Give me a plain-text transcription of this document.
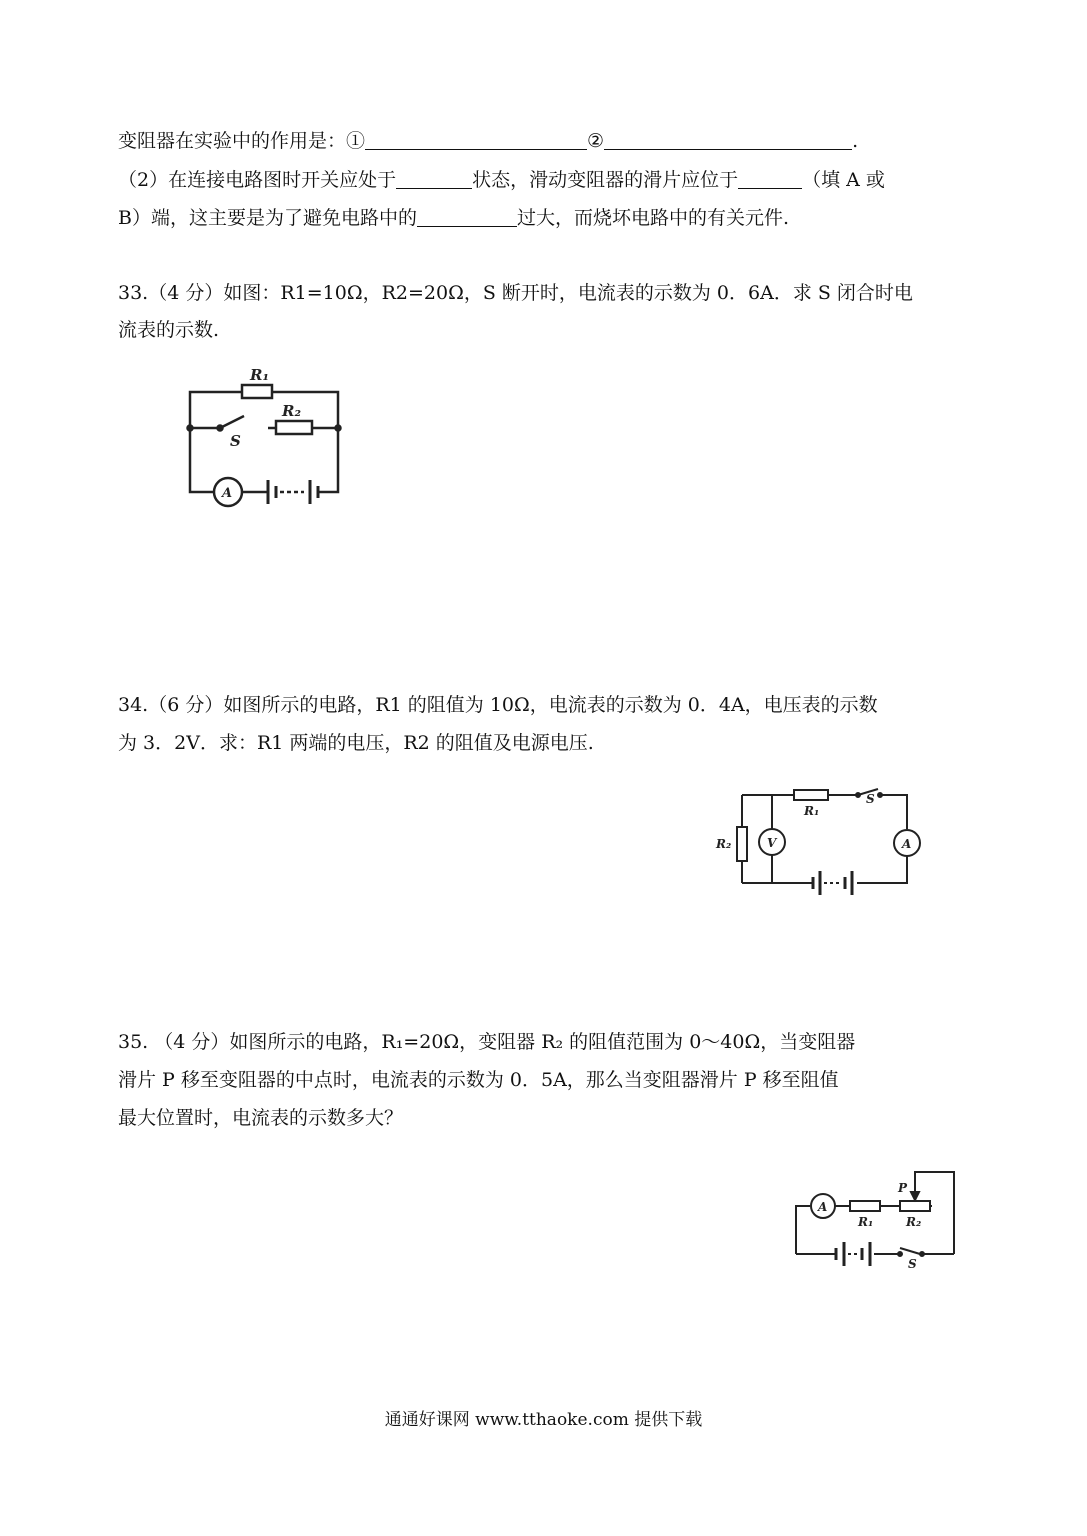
变阻器在实验中的作用是：①	②	.
（2）在连接电路图时开关应处于	状态，滑动变阻器的滑片应位于	（填 A 或
B）端，这主要是为了避免电路中的	过大，而烧坏电路中的有关元件.
33.（4 分）如图：R1=10Ω，R2=20Ω，S 断开时，电流表的示数为 0．6A．求 S 闭合时电
流表的示数.
R₁
R₂
S
A
34.（6 分）如图所示的电路，R1 的阻值为 10Ω，电流表的示数为 0．4A，电压表的示数
为 3．2V．求：R1 两端的电压，R2 的阻值及电源电压.
R₁
S
R₂	V	A
35. （4 分）如图所示的电路，R₁=20Ω，变阻器 R₂ 的阻值范围为 0～40Ω，当变阻器
滑片 P 移至变阻器的中点时，电流表的示数为 0．5A，那么当变阻器滑片 P 移至阻值
最大位置时，电流表的示数多大？
A
R₁	R₂
P
S
通通好课网 www.tthaoke.com 提供下载
